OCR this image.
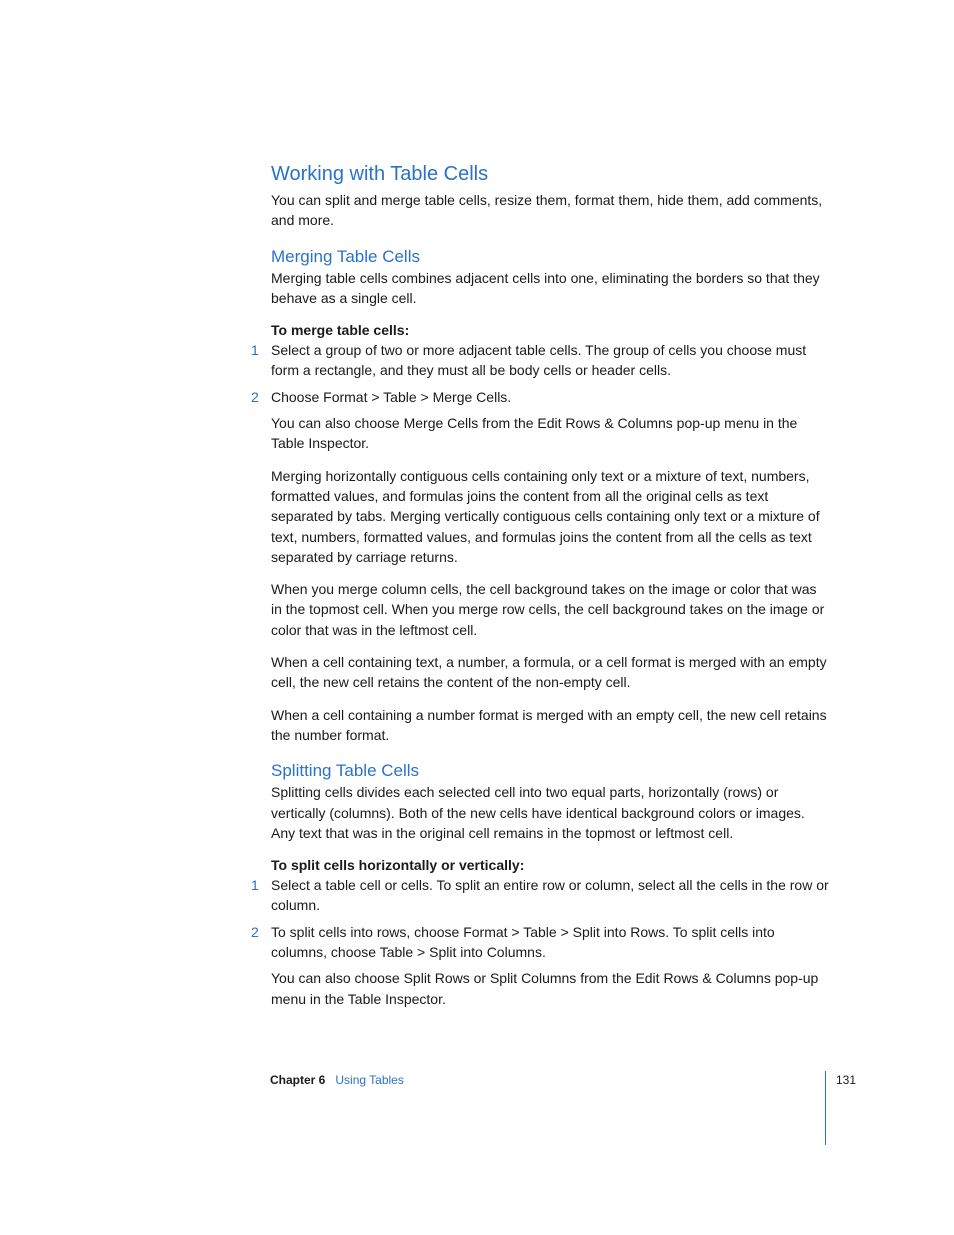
Working with Table Cells

You can split and merge table cells, resize them, format them, hide them, add comments, and more.

Merging Table Cells

Merging table cells combines adjacent cells into one, eliminating the borders so that they behave as a single cell.

To merge table cells:

1 Select a group of two or more adjacent table cells. The group of cells you choose must form a rectangle, and they must all be body cells or header cells.
2 Choose Format > Table > Merge Cells.

You can also choose Merge Cells from the Edit Rows & Columns pop-up menu in the Table Inspector.

Merging horizontally contiguous cells containing only text or a mixture of text, numbers, formatted values, and formulas joins the content from all the original cells as text separated by tabs. Merging vertically contiguous cells containing only text or a mixture of text, numbers, formatted values, and formulas joins the content from all the cells as text separated by carriage returns.

When you merge column cells, the cell background takes on the image or color that was in the topmost cell. When you merge row cells, the cell background takes on the image or color that was in the leftmost cell.

When a cell containing text, a number, a formula, or a cell format is merged with an empty cell, the new cell retains the content of the non-empty cell.

When a cell containing a number format is merged with an empty cell, the new cell retains the number format.

Splitting Table Cells

Splitting cells divides each selected cell into two equal parts, horizontally (rows) or vertically (columns). Both of the new cells have identical background colors or images. Any text that was in the original cell remains in the topmost or leftmost cell.

To split cells horizontally or vertically:

1 Select a table cell or cells. To split an entire row or column, select all the cells in the row or column.
2 To split cells into rows, choose Format > Table > Split into Rows. To split cells into columns, choose Table > Split into Columns.

You can also choose Split Rows or Split Columns from the Edit Rows & Columns pop-up menu in the Table Inspector.

Chapter 6 Using Tables	131
